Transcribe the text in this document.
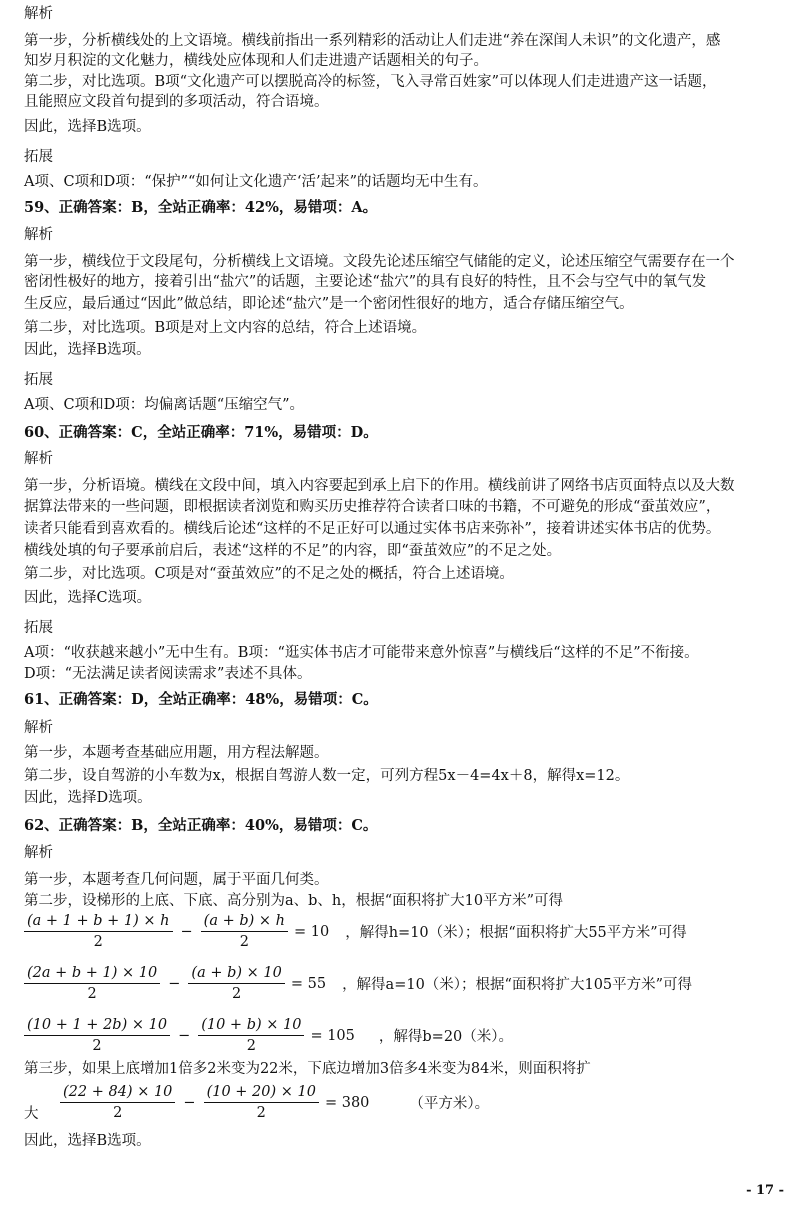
解析
第一步，分析横线处的上文语境。横线前指出一系列精彩的活动让人们走进“养在深闺人未识”的文化遗产，感
知岁月积淀的文化魅力，横线处应体现和人们走进遗产话题相关的句子。
第二步，对比选项。B项“文化遗产可以摆脱高冷的标签，飞入寻常百姓家”可以体现人们走进遗产这一话题，
且能照应文段首句提到的多项活动，符合语境。
因此，选择B选项。
拓展
A项、C项和D项：“保护”“如何让文化遗产‘活’起来”的话题均无中生有。
59、正确答案：B，全站正确率：42%，易错项：A。
解析
第一步，横线位于文段尾句，分析横线上文语境。文段先论述压缩空气储能的定义，论述压缩空气需要存在一个
密闭性极好的地方，接着引出“盐穴”的话题，主要论述“盐穴”的具有良好的特性，且不会与空气中的氧气发
生反应，最后通过“因此”做总结，即论述“盐穴”是一个密闭性很好的地方，适合存储压缩空气。
第二步，对比选项。B项是对上文内容的总结，符合上述语境。
因此，选择B选项。
拓展
A项、C项和D项：均偏离话题“压缩空气”。
60、正确答案：C，全站正确率：71%，易错项：D。
解析
第一步，分析语境。横线在文段中间，填入内容要起到承上启下的作用。横线前讲了网络书店页面特点以及大数
据算法带来的一些问题，即根据读者浏览和购买历史推荐符合读者口味的书籍，不可避免的形成“蚕茧效应”，
读者只能看到喜欢看的。横线后论述“这样的不足正好可以通过实体书店来弥补”，接着讲述实体书店的优势。
横线处填的句子要承前启后，表述“这样的不足”的内容，即“蚕茧效应”的不足之处。
第二步，对比选项。C项是对“蚕茧效应”的不足之处的概括，符合上述语境。
因此，选择C选项。
拓展
A项：“收获越来越小”无中生有。B项：“逛实体书店才可能带来意外惊喜”与横线后“这样的不足”不衔接。
D项：“无法满足读者阅读需求”表述不具体。
61、正确答案：D，全站正确率：48%，易错项：C。
解析
第一步，本题考查基础应用题，用方程法解题。
第二步，设自驾游的小车数为x，根据自驾游人数一定，可列方程5x－4=4x＋8，解得x=12。
因此，选择D选项。
62、正确答案：B，全站正确率：40%，易错项：C。
解析
第一步，本题考查几何问题，属于平面几何类。
第二步，设梯形的上底、下底、高分别为a、b、h，根据“面积将扩大10平方米”可得
$\frac{(a + 1 + b + 1) \times h}{2} - \frac{(a + b) \times h}{2} = 10$ ，解得h=10（米）；根据“面积将扩大55平方米”可得
$\frac{(2a + b + 1) \times 10}{2} - \frac{(a + b) \times 10}{2} = 55$ ，解得a=10（米）；根据“面积将扩大105平方米”可得
$\frac{(10 + 1 + 2b) \times 10}{2} - \frac{(10 + b) \times 10}{2} = 105$ ，解得b=20（米）。
第三步，如果上底增加1倍多2米变为22米，下底边增加3倍多4米变为84米，则面积将扩
大 $\frac{(22 + 84) \times 10}{2} - \frac{(10 + 20) \times 10}{2} = 380$	（平方米）。
因此，选择B选项。
- 17 -
